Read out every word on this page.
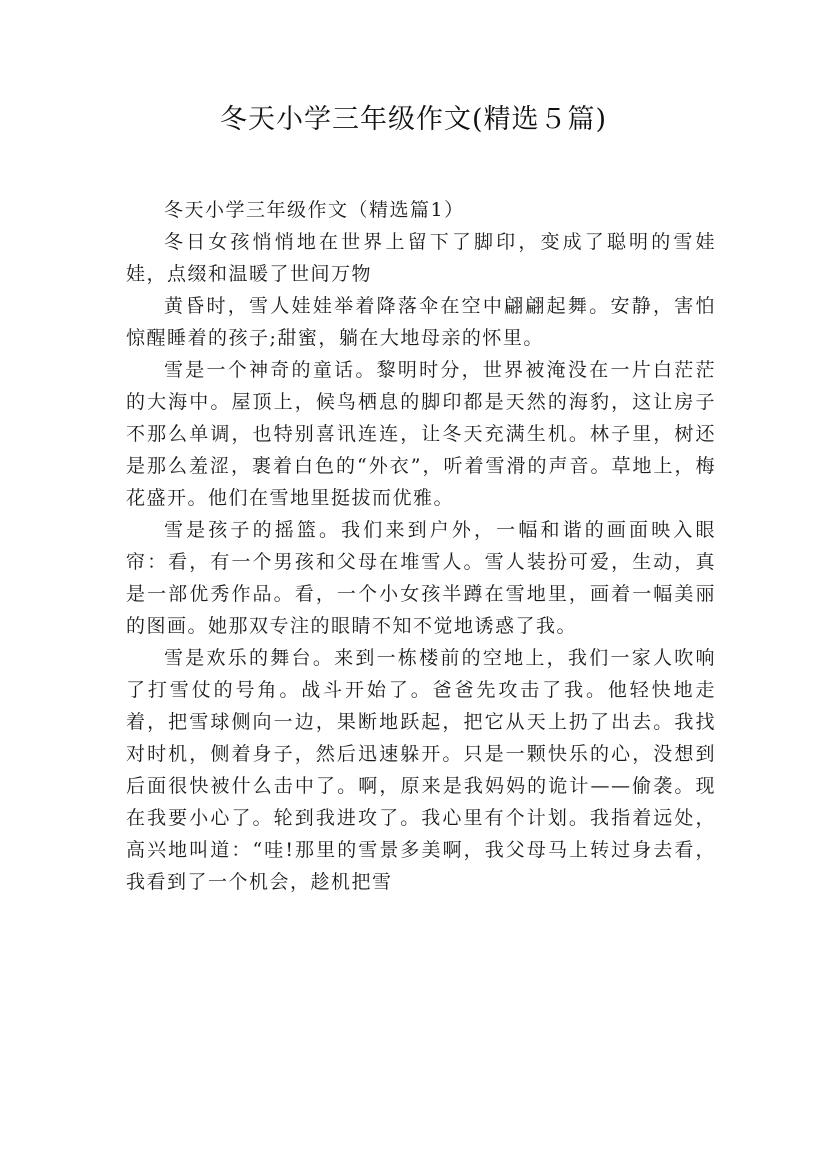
冬天小学三年级作文(精选５篇)

冬天小学三年级作文（精选篇1）

冬日女孩悄悄地在世界上留下了脚印，变成了聪明的雪娃娃，点缀和温暖了世间万物

黄昏时，雪人娃娃举着降落伞在空中翩翩起舞。安静，害怕惊醒睡着的孩子;甜蜜，躺在大地母亲的怀里。

雪是一个神奇的童话。黎明时分，世界被淹没在一片白茫茫的大海中。屋顶上，候鸟栖息的脚印都是天然的海豹，这让房子不那么单调，也特别喜讯连连，让冬天充满生机。林子里，树还是那么羞涩，裹着白色的“外衣”，听着雪滑的声音。草地上，梅花盛开。他们在雪地里挺拔而优雅。

雪是孩子的摇篮。我们来到户外，一幅和谐的画面映入眼帘：看，有一个男孩和父母在堆雪人。雪人装扮可爱，生动，真是一部优秀作品。看，一个小女孩半蹲在雪地里，画着一幅美丽的图画。她那双专注的眼睛不知不觉地诱惑了我。

雪是欢乐的舞台。来到一栋楼前的空地上，我们一家人吹响了打雪仗的号角。战斗开始了。爸爸先攻击了我。他轻快地走着，把雪球侧向一边，果断地跃起，把它从天上扔了出去。我找对时机，侧着身子，然后迅速躲开。只是一颗快乐的心，没想到后面很快被什么击中了。啊，原来是我妈妈的诡计——偷袭。现在我要小心了。轮到我进攻了。我心里有个计划。我指着远处，高兴地叫道：“哇!那里的雪景多美啊，我父母马上转过身去看，我看到了一个机会，趁机把雪
